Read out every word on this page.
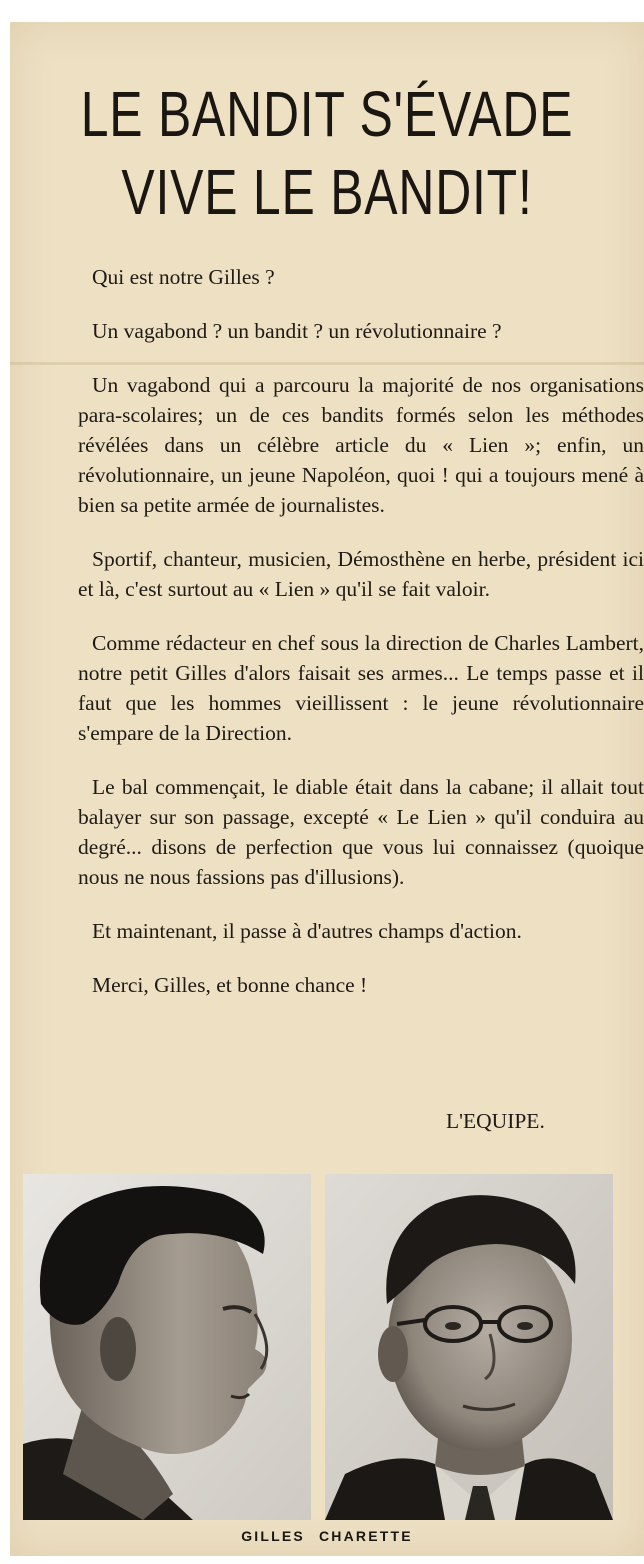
LE BANDIT S'ÉVADE
VIVE LE BANDIT!

Qui est notre Gilles ?

Un vagabond ? un bandit ? un révolutionnaire ?

Un vagabond qui a parcouru la majorité de nos organisations para-scolaires; un de ces bandits formés selon les méthodes révélées dans un célèbre article du « Lien »; enfin, un révolutionnaire, un jeune Napoléon, quoi ! qui a toujours mené à bien sa petite armée de journalistes.

Sportif, chanteur, musicien, Démosthène en herbe, président ici et là, c'est surtout au « Lien » qu'il se fait valoir.

Comme rédacteur en chef sous la direction de Charles Lambert, notre petit Gilles d'alors faisait ses armes... Le temps passe et il faut que les hommes vieillissent : le jeune révolutionnaire s'empare de la Direction.

Le bal commençait, le diable était dans la cabane; il allait tout balayer sur son passage, excepté « Le Lien » qu'il conduira au degré... disons de perfection que vous lui connaissez (quoique nous ne nous fassions pas d'illusions).

Et maintenant, il passe à d'autres champs d'action.

Merci, Gilles, et bonne chance !

L'EQUIPE.
GILLES CHARETTE
